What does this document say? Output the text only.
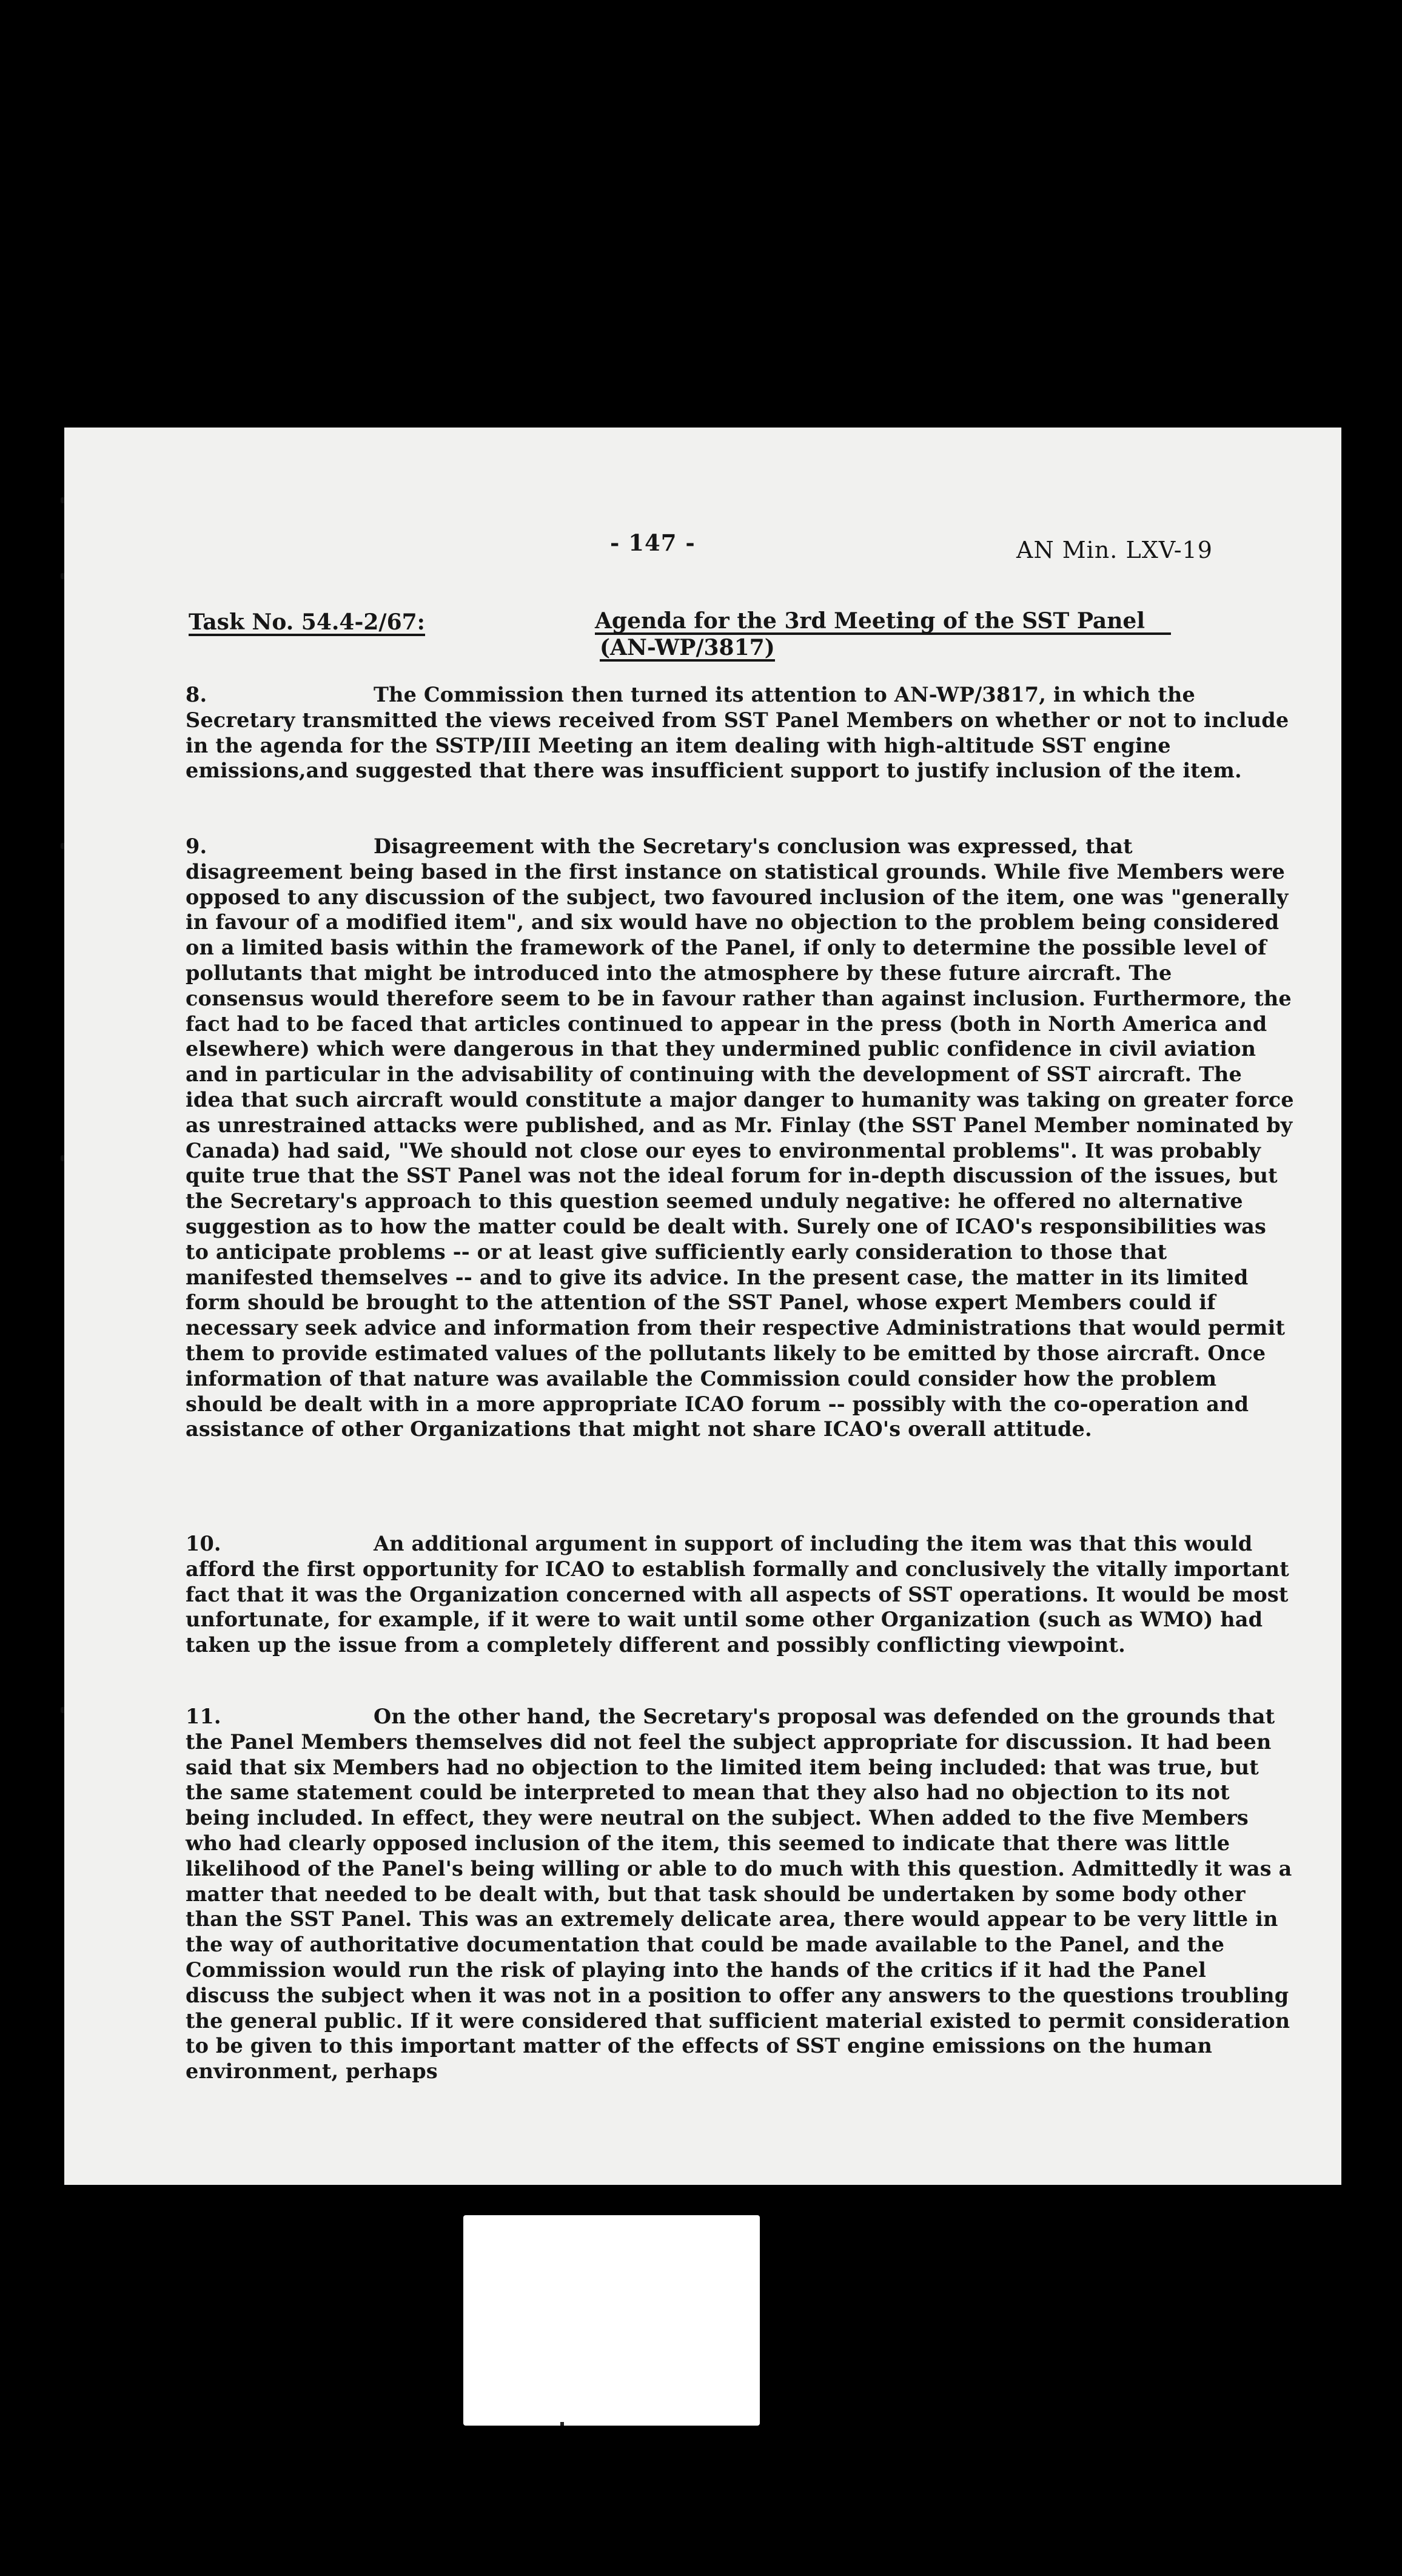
- 147 -	AN Min. LXV-19
Task No. 54.4-2/67:	Agenda for the 3rd Meeting of the SST Panel
(AN-WP/3817)

8.	The Commission then turned its attention to AN-WP/3817, in which the Secretary transmitted the views received from SST Panel Members on whether or not to include in the agenda for the SSTP/III Meeting an item dealing with high-altitude SST engine emissions,and suggested that there was insufficient support to justify inclusion of the item.

9.	Disagreement with the Secretary's conclusion was expressed, that disagreement being based in the first instance on statistical grounds. While five Members were opposed to any discussion of the subject, two favoured inclusion of the item, one was "generally in favour of a modified item", and six would have no objection to the problem being considered on a limited basis within the framework of the Panel, if only to determine the possible level of pollutants that might be introduced into the atmosphere by these future aircraft. The consensus would therefore seem to be in favour rather than against inclusion. Furthermore, the fact had to be faced that articles continued to appear in the press (both in North America and elsewhere) which were dangerous in that they undermined public confidence in civil aviation and in particular in the advisability of continuing with the development of SST aircraft. The idea that such aircraft would constitute a major danger to humanity was taking on greater force as unrestrained attacks were published, and as Mr. Finlay (the SST Panel Member nominated by Canada) had said, "We should not close our eyes to environmental problems". It was probably quite true that the SST Panel was not the ideal forum for in-depth discussion of the issues, but the Secretary's approach to this question seemed unduly negative: he offered no alternative suggestion as to how the matter could be dealt with. Surely one of ICAO's responsibilities was to anticipate problems -- or at least give sufficiently early consideration to those that manifested themselves -- and to give its advice. In the present case, the matter in its limited form should be brought to the attention of the SST Panel, whose expert Members could if necessary seek advice and information from their respective Administrations that would permit them to provide estimated values of the pollutants likely to be emitted by those aircraft. Once information of that nature was available the Commission could consider how the problem should be dealt with in a more appropriate ICAO forum -- possibly with the co-operation and assistance of other Organizations that might not share ICAO's overall attitude.

10.	An additional argument in support of including the item was that this would afford the first opportunity for ICAO to establish formally and conclusively the vitally important fact that it was the Organization concerned with all aspects of SST operations. It would be most unfortunate, for example, if it were to wait until some other Organization (such as WMO) had taken up the issue from a completely different and possibly conflicting viewpoint.

11.	On the other hand, the Secretary's proposal was defended on the grounds that the Panel Members themselves did not feel the subject appropriate for discussion. It had been said that six Members had no objection to the limited item being included: that was true, but the same statement could be interpreted to mean that they also had no objection to its not being included. In effect, they were neutral on the subject. When added to the five Members who had clearly opposed inclusion of the item, this seemed to indicate that there was little likelihood of the Panel's being willing or able to do much with this question. Admittedly it was a matter that needed to be dealt with, but that task should be undertaken by some body other than the SST Panel. This was an extremely delicate area, there would appear to be very little in the way of authoritative documentation that could be made available to the Panel, and the Commission would run the risk of playing into the hands of the critics if it had the Panel discuss the subject when it was not in a position to offer any answers to the questions troubling the general public. If it were considered that sufficient material existed to permit consideration to be given to this important matter of the effects of SST engine emissions on the human environment, perhaps
